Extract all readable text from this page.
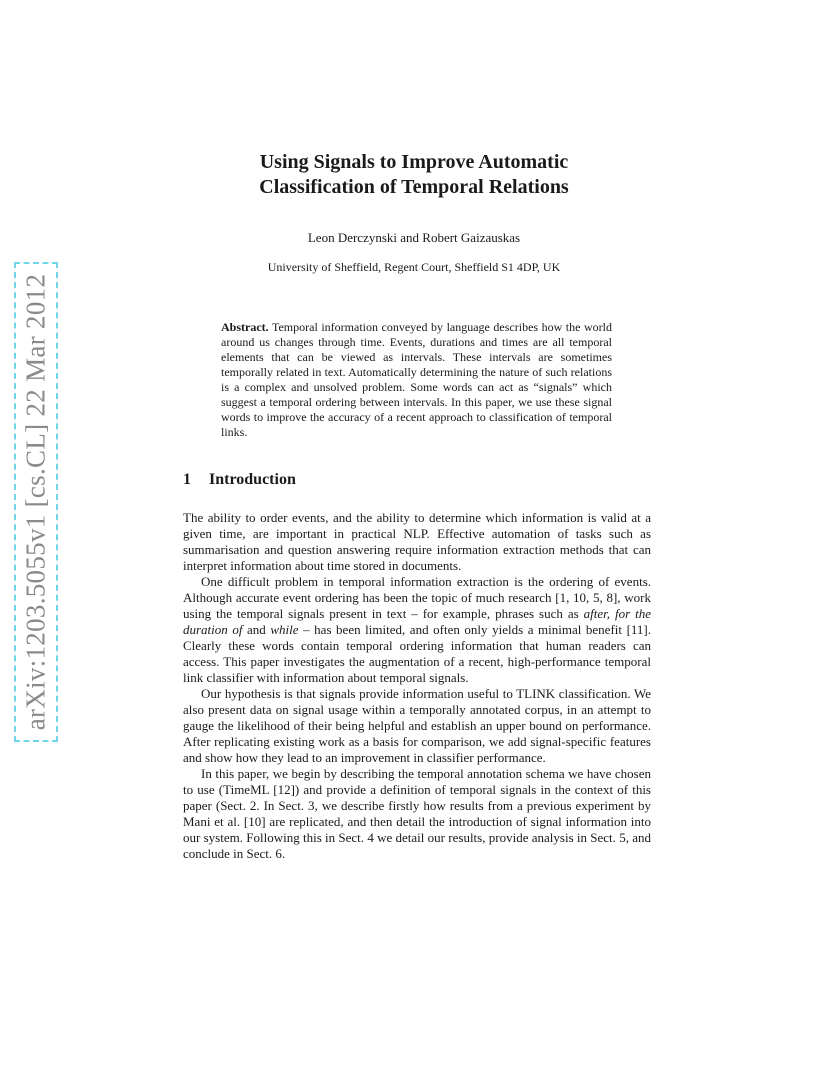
arXiv:1203.5055v1 [cs.CL] 22 Mar 2012
Using Signals to Improve Automatic
Classification of Temporal Relations
Leon Derczynski and Robert Gaizauskas
University of Sheffield, Regent Court, Sheffield S1 4DP, UK
Abstract. Temporal information conveyed by language describes how the world around us changes through time. Events, durations and times are all temporal elements that can be viewed as intervals. These intervals are sometimes temporally related in text. Automatically determining the nature of such relations is a complex and unsolved problem. Some words can act as “signals” which suggest a temporal ordering between intervals. In this paper, we use these signal words to improve the accuracy of a recent approach to classification of temporal links.
1 Introduction

The ability to order events, and the ability to determine which information is valid at a given time, are important in practical NLP. Effective automation of tasks such as summarisation and question answering require information extraction methods that can interpret information about time stored in documents.

One difficult problem in temporal information extraction is the ordering of events. Although accurate event ordering has been the topic of much research [1, 10, 5, 8], work using the temporal signals present in text – for example, phrases such as after, for the duration of and while – has been limited, and often only yields a minimal benefit [11]. Clearly these words contain temporal ordering information that human readers can access. This paper investigates the augmentation of a recent, high-performance temporal link classifier with information about temporal signals.

Our hypothesis is that signals provide information useful to TLINK classification. We also present data on signal usage within a temporally annotated corpus, in an attempt to gauge the likelihood of their being helpful and establish an upper bound on performance. After replicating existing work as a basis for comparison, we add signal-specific features and show how they lead to an improvement in classifier performance.

In this paper, we begin by describing the temporal annotation schema we have chosen to use (TimeML [12]) and provide a definition of temporal signals in the context of this paper (Sect. 2. In Sect. 3, we describe firstly how results from a previous experiment by Mani et al. [10] are replicated, and then detail the introduction of signal information into our system. Following this in Sect. 4 we detail our results, provide analysis in Sect. 5, and conclude in Sect. 6.
